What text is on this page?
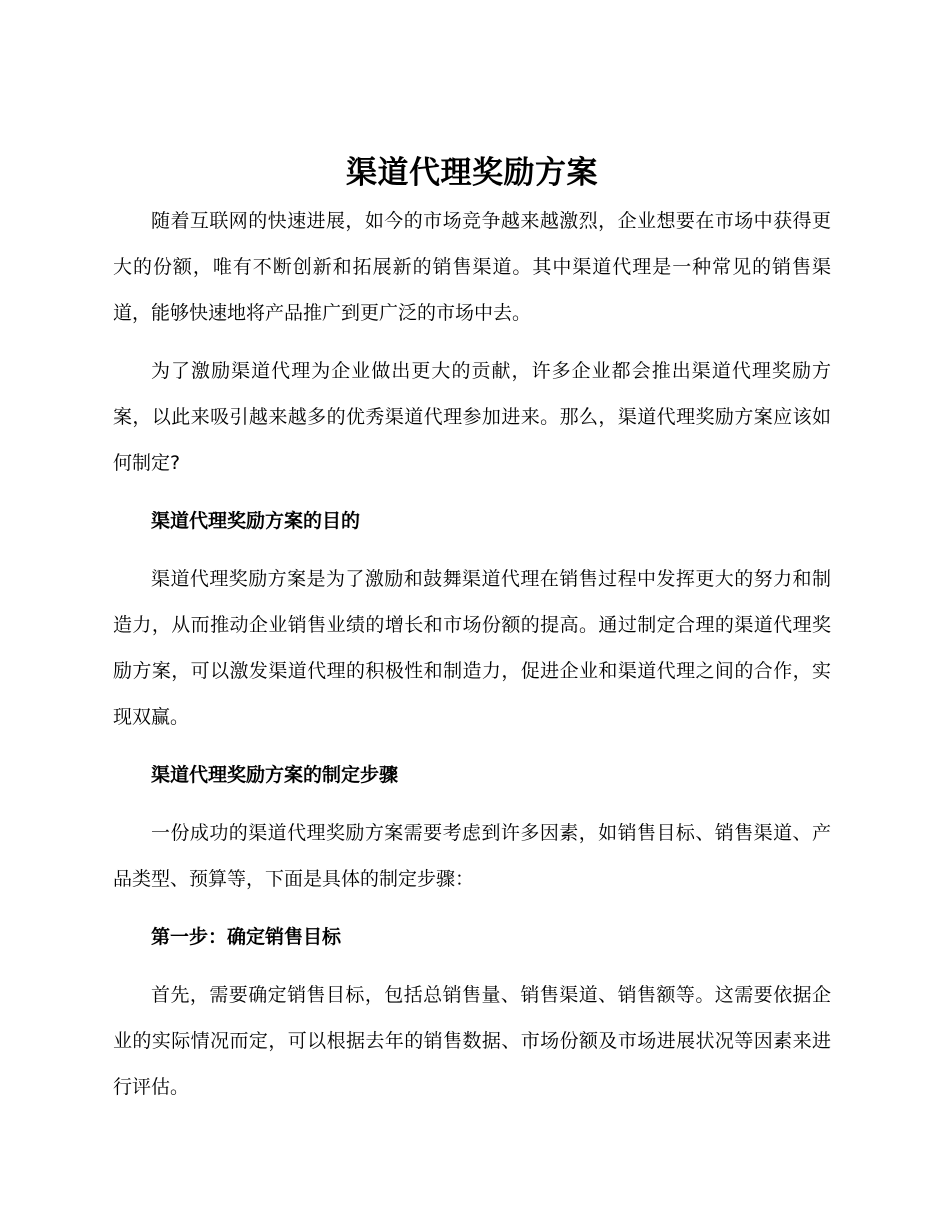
渠道代理奖励方案

随着互联网的快速进展，如今的市场竞争越来越激烈，企业想要在市场中获得更大的份额，唯有不断创新和拓展新的销售渠道。其中渠道代理是一种常见的销售渠道，能够快速地将产品推广到更广泛的市场中去。

为了激励渠道代理为企业做出更大的贡献，许多企业都会推出渠道代理奖励方案，以此来吸引越来越多的优秀渠道代理参加进来。那么，渠道代理奖励方案应该如何制定?

渠道代理奖励方案的目的

渠道代理奖励方案是为了激励和鼓舞渠道代理在销售过程中发挥更大的努力和制造力，从而推动企业销售业绩的增长和市场份额的提高。通过制定合理的渠道代理奖励方案，可以激发渠道代理的积极性和制造力，促进企业和渠道代理之间的合作，实现双赢。

渠道代理奖励方案的制定步骤

一份成功的渠道代理奖励方案需要考虑到许多因素，如销售目标、销售渠道、产品类型、预算等，下面是具体的制定步骤：

第一步：确定销售目标

首先，需要确定销售目标，包括总销售量、销售渠道、销售额等。这需要依据企业的实际情况而定，可以根据去年的销售数据、市场份额及市场进展状况等因素来进行评估。
